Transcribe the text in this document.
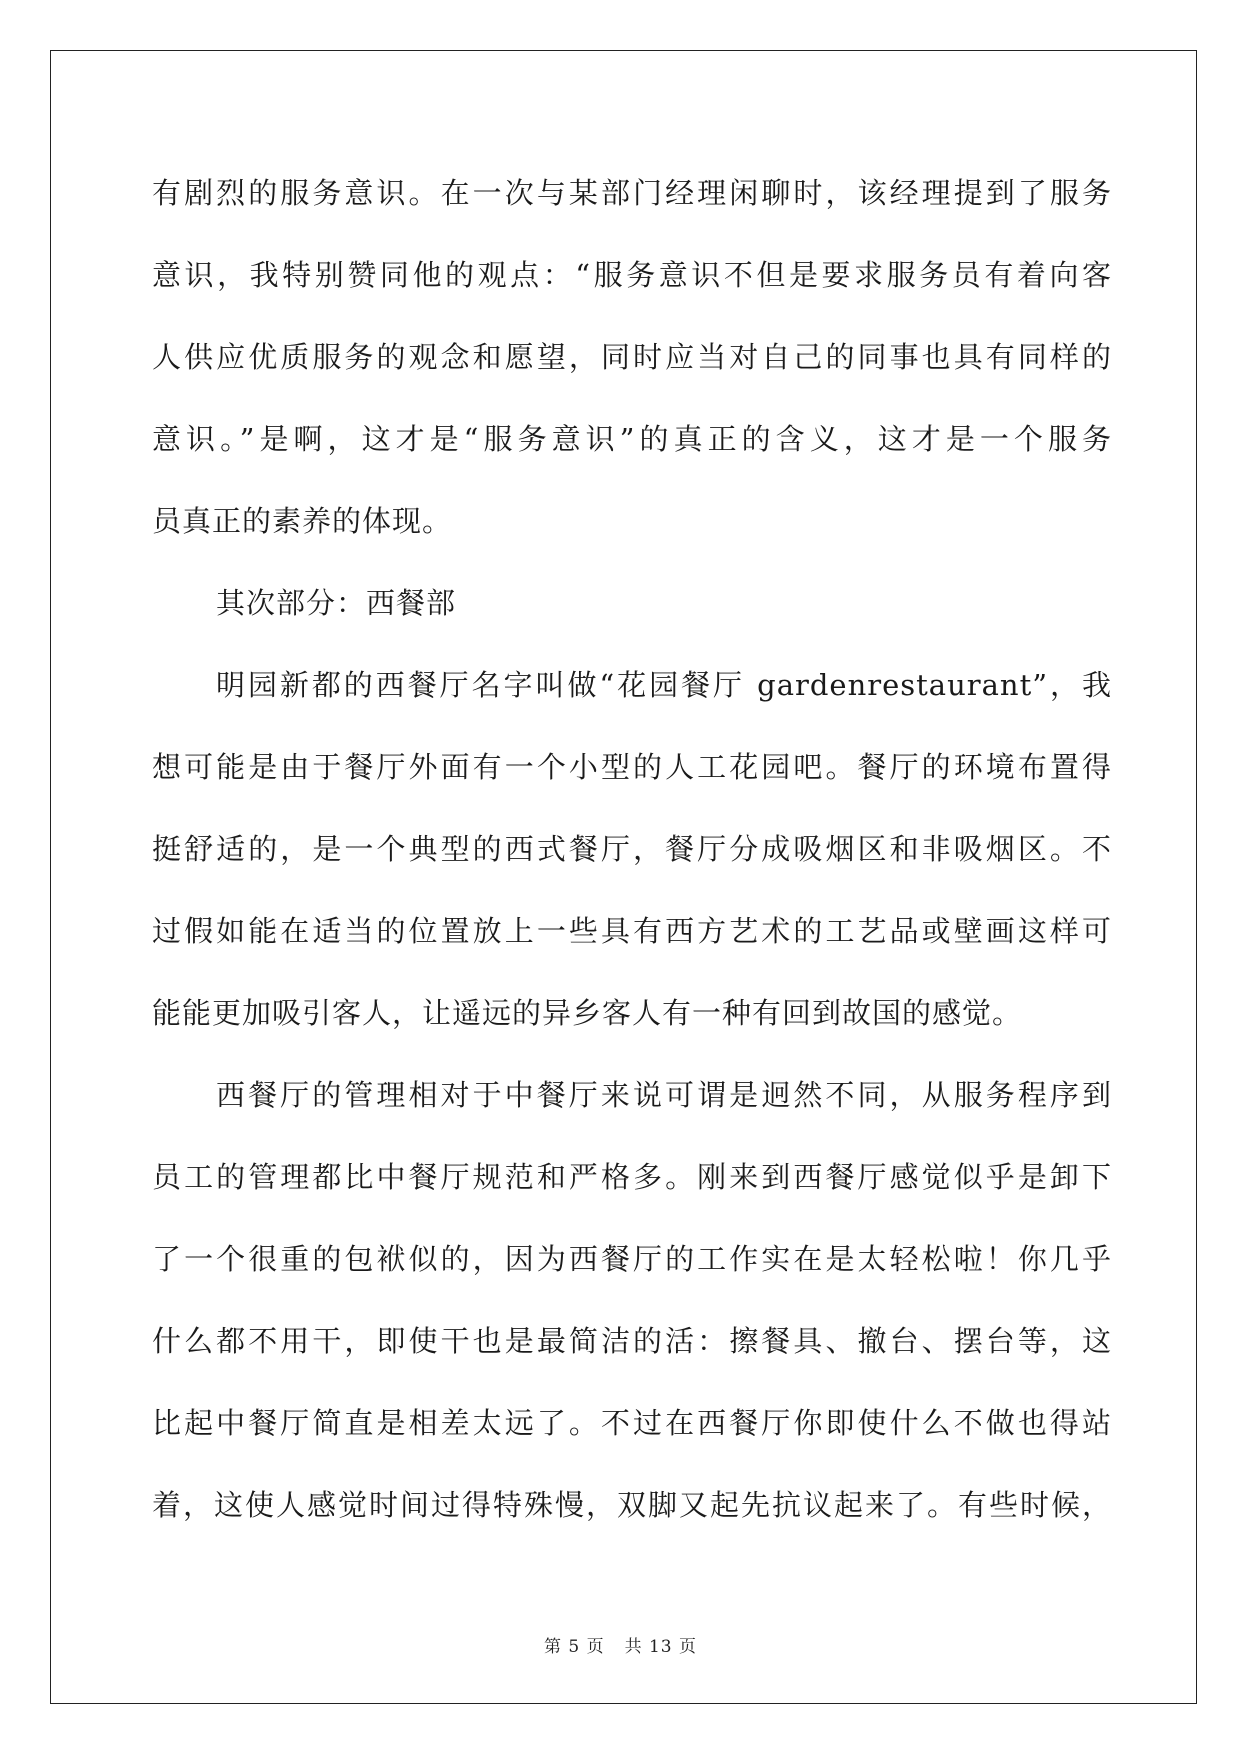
有剧烈的服务意识。在一次与某部门经理闲聊时，该经理提到了服务
意识，我特别赞同他的观点：“服务意识不但是要求服务员有着向客
人供应优质服务的观念和愿望，同时应当对自己的同事也具有同样的
意识。”是啊，这才是“服务意识”的真正的含义，这才是一个服务
员真正的素养的体现。
其次部分：西餐部
明园新都的西餐厅名字叫做“花园餐厅 gardenrestaurant”，我
想可能是由于餐厅外面有一个小型的人工花园吧。餐厅的环境布置得
挺舒适的，是一个典型的西式餐厅，餐厅分成吸烟区和非吸烟区。不
过假如能在适当的位置放上一些具有西方艺术的工艺品或壁画这样可
能能更加吸引客人，让遥远的异乡客人有一种有回到故国的感觉。
西餐厅的管理相对于中餐厅来说可谓是迥然不同，从服务程序到
员工的管理都比中餐厅规范和严格多。刚来到西餐厅感觉似乎是卸下
了一个很重的包袱似的，因为西餐厅的工作实在是太轻松啦！你几乎
什么都不用干，即使干也是最简洁的活：擦餐具、撤台、摆台等，这
比起中餐厅简直是相差太远了。不过在西餐厅你即使什么不做也得站
着，这使人感觉时间过得特殊慢，双脚又起先抗议起来了。有些时候，
第 5 页 共 13 页
